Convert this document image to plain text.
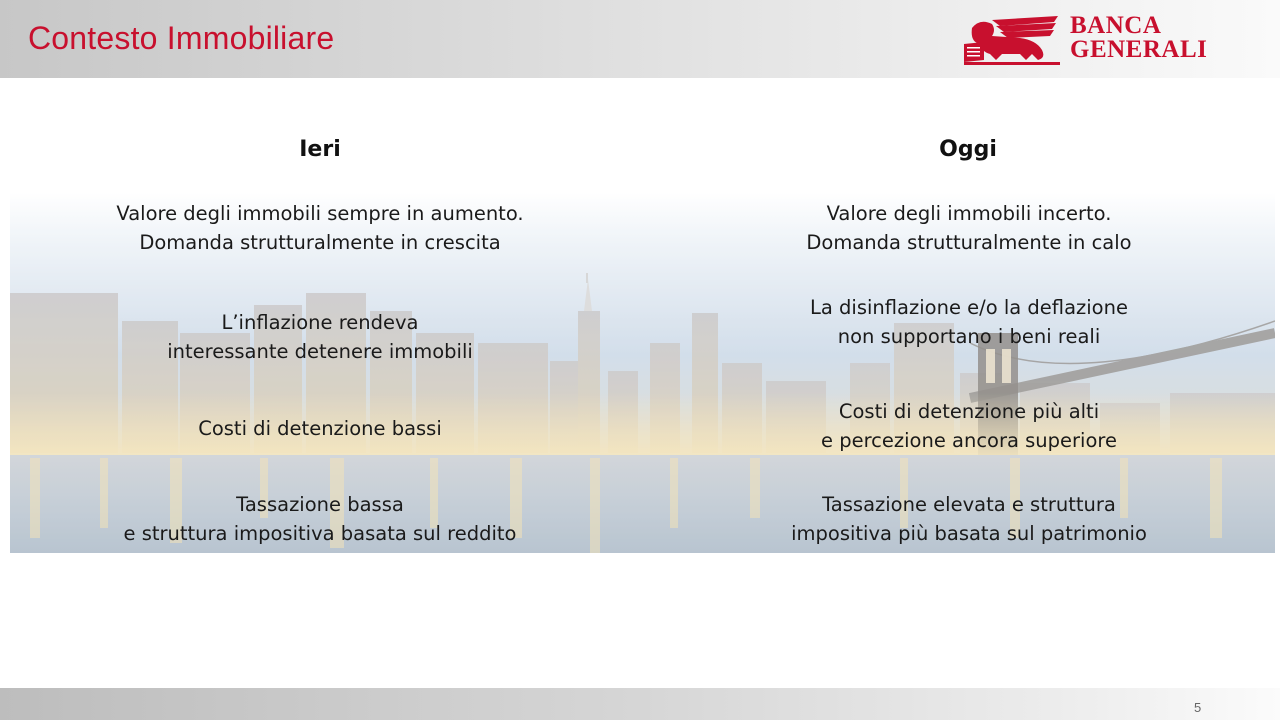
Contesto Immobiliare	BANCA
GENERALI
Ieri	Oggi
Valore degli immobili sempre in aumento.
Domanda strutturalmente in crescita
L’inflazione rendeva
interessante detenere immobili
Costi di detenzione bassi
Tassazione bassa
e struttura impositiva basata sul reddito
Valore degli immobili incerto.
Domanda strutturalmente in calo
La disinflazione e/o la deflazione
non supportano i beni reali
Costi di detenzione più alti
e percezione ancora superiore
Tassazione elevata e struttura
impositiva più basata sul patrimonio
5
